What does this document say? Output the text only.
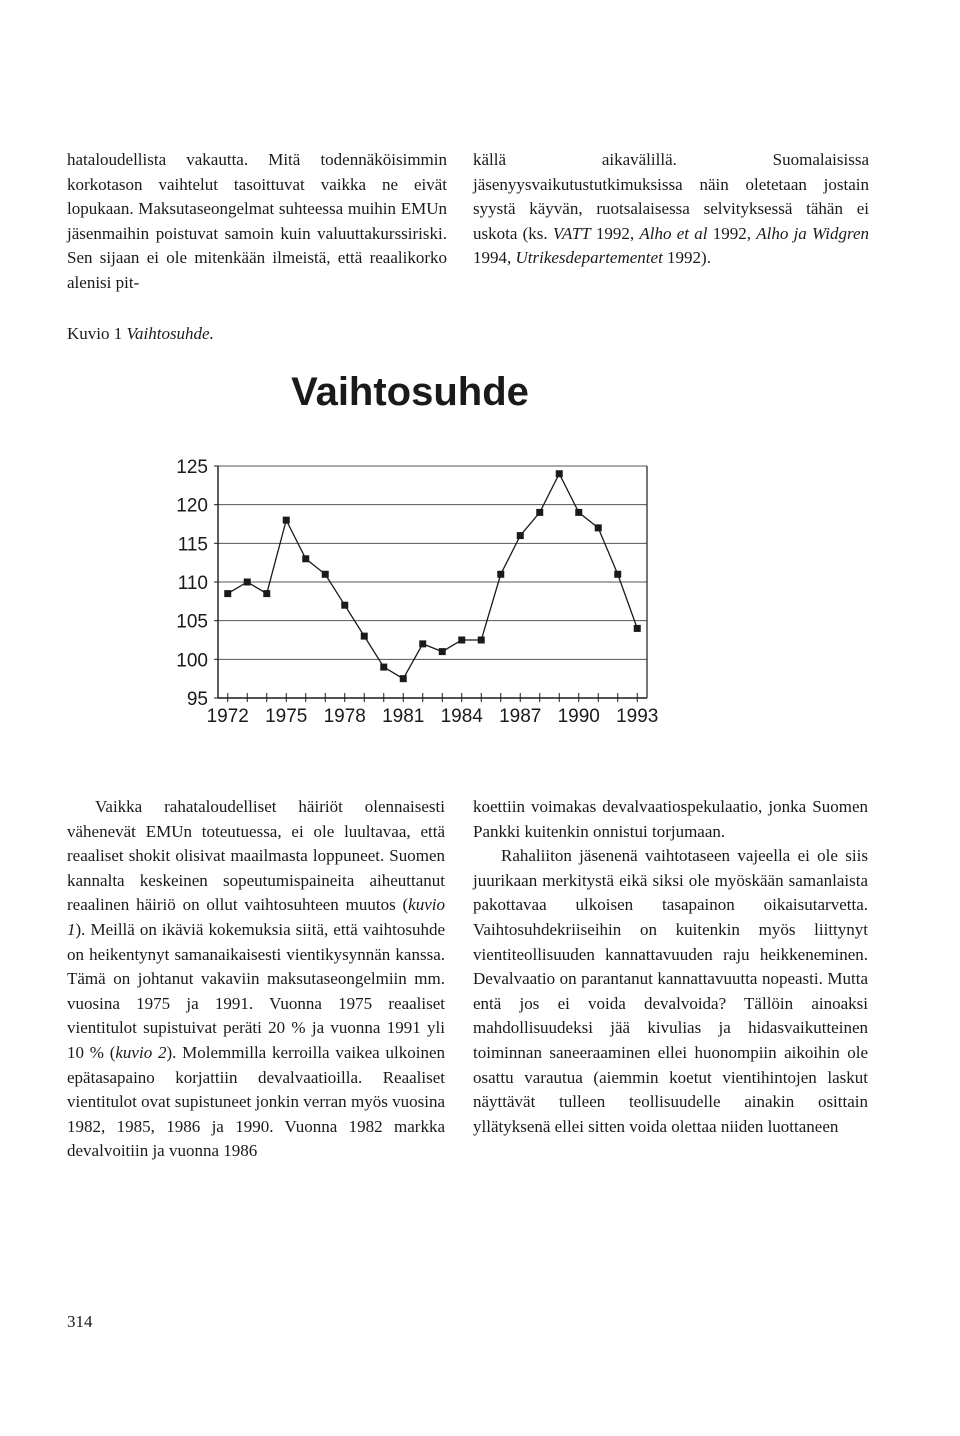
hataloudellista vakautta. Mitä todennäköisimmin korkotason vaihtelut tasoittuvat vaikka ne eivät lopukaan. Maksutaseongelmat suhteessa muihin EMUn jäsenmaihin poistuvat samoin kuin valuuttakurssiriski. Sen sijaan ei ole mitenkään ilmeistä, että reaalikorko alenisi pit-

källä aikavälillä. Suomalaisissa jäsenyysvaikutustutkimuksissa näin oletetaan jostain syystä käyvän, ruotsalaisessa selvityksessä tähän ei uskota (ks. VATT 1992, Alho et al 1992, Alho ja Widgren 1994, Utrikesdepartementet 1992).

Kuvio 1 Vaihtosuhde.
Vaihtosuhde
95
100
105
110
115
120
125
1972 1975 1978 1981 1984 1987 1990 1993

Vaikka rahataloudelliset häiriöt olennaisesti vähenevät EMUn toteutuessa, ei ole luultavaa, että reaaliset shokit olisivat maailmasta loppuneet. Suomen kannalta keskeinen sopeutumispaineita aiheuttanut reaalinen häiriö on ollut vaihtosuhteen muutos (kuvio 1). Meillä on ikäviä kokemuksia siitä, että vaihtosuhde on heikentynyt samanaikaisesti vientikysynnän kanssa. Tämä on johtanut vakaviin maksutaseongelmiin mm. vuosina 1975 ja 1991. Vuonna 1975 reaaliset vientitulot supistuivat peräti 20 % ja vuonna 1991 yli 10 % (kuvio 2). Molemmilla kerroilla vaikea ulkoinen epätasapaino korjattiin devalvaatioilla. Reaaliset vientitulot ovat supistuneet jonkin verran myös vuosina 1982, 1985, 1986 ja 1990. Vuonna 1982 markka devalvoitiin ja vuonna 1986

koettiin voimakas devalvaatiospekulaatio, jonka Suomen Pankki kuitenkin onnistui torjumaan.

Rahaliiton jäsenenä vaihtotaseen vajeella ei ole siis juurikaan merkitystä eikä siksi ole myöskään samanlaista pakottavaa ulkoisen tasapainon oikaisutarvetta. Vaihtosuhdekriiseihin on kuitenkin myös liittynyt vientiteollisuuden kannattavuuden raju heikkeneminen. Devalvaatio on parantanut kannattavuutta nopeasti. Mutta entä jos ei voida devalvoida? Tällöin ainoaksi mahdollisuudeksi jää kivulias ja hidasvaikutteinen toiminnan saneeraaminen ellei huonompiin aikoihin ole osattu varautua (aiemmin koetut vientihintojen laskut näyttävät tulleen teollisuudelle ainakin osittain yllätyksenä ellei sitten voida olettaa niiden luottaneen

314
